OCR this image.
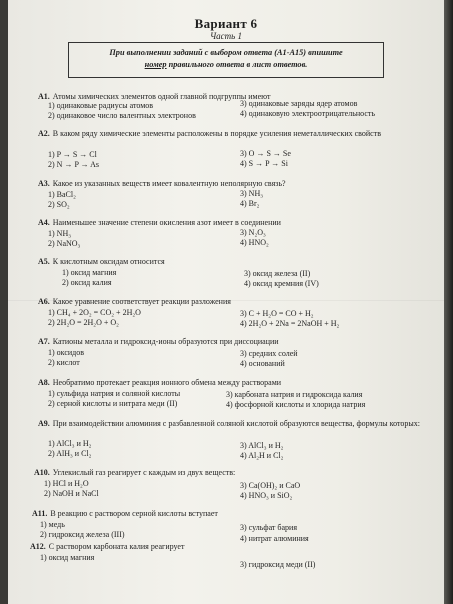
Вариант 6
Часть 1
При выполнении заданий с выбором ответа (А1-А15) впишите
номер правильного ответа в лист ответов.
А1. Атомы химических элементов одной главной подгруппы имеют
1) одинаковые радиусы атомов	3) одинаковые заряды ядер атомов
2) одинаковое число валентных электронов	4) одинаковую электроотрицательность
А2. В каком ряду химические элементы расположены в порядке усиления неметаллических свойств
1) P → S → Cl	3) O → S → Se
2) N → P → As	4) S → P → Si
А3. Какое из указанных веществ имеет ковалентную неполярную связь?
1) BaCl₂	3) NH₃
2) SO₂	4) Br₂
А4. Наименьшее значение степени окисления азот имеет в соединении
1) NH₃	3) N₂O₃
2) NaNO₃	4) HNO₂
А5. К кислотным оксидам относится
1) оксид магния	3) оксид железа (II)
2) оксид калия	4) оксид кремния (IV)
А6. Какое уравнение соответствует реакции разложения
1) CH₄ + 2O₂ = CO₂ + 2H₂O	3) C + H₂O = CO + H₂
2) 2H₂O = 2H₂O + O₂	4) 2H₂O + 2Na = 2NaOH + H₂
А7. Катионы металла и гидроксид-ионы образуются при диссоциации
1) оксидов	3) средних солей
2) кислот	4) оснований
А8. Необратимо протекает реакция ионного обмена между растворами
1) сульфида натрия и соляной кислоты	3) карбоната натрия и гидроксида калия
2) серной кислоты и нитрата меди (II)	4) фосфорной кислоты и хлорида натрия
А9. При взаимодействии алюминия с разбавленной соляной кислотой образуются вещества, формулы которых:
1) AlCl₃ и H₂	3) AlCl₃ и H₂
2) AlH₃ и Cl₂	4) Al₂H и Cl₂
А10. Углекислый газ реагирует с каждым из двух веществ:
1) HCl и H₂O	3) Ca(OH)₂ и CaO
2) NaOH и NaCl	4) HNO₃ и SiO₂
А11. В реакцию с раствором серной кислоты вступает
1) медь	3) сульфат бария
2) гидроксид железа (III)	4) нитрат алюминия
А12. С раствором карбоната калия реагирует
1) оксид магния
3) гидроксид меди (II)
